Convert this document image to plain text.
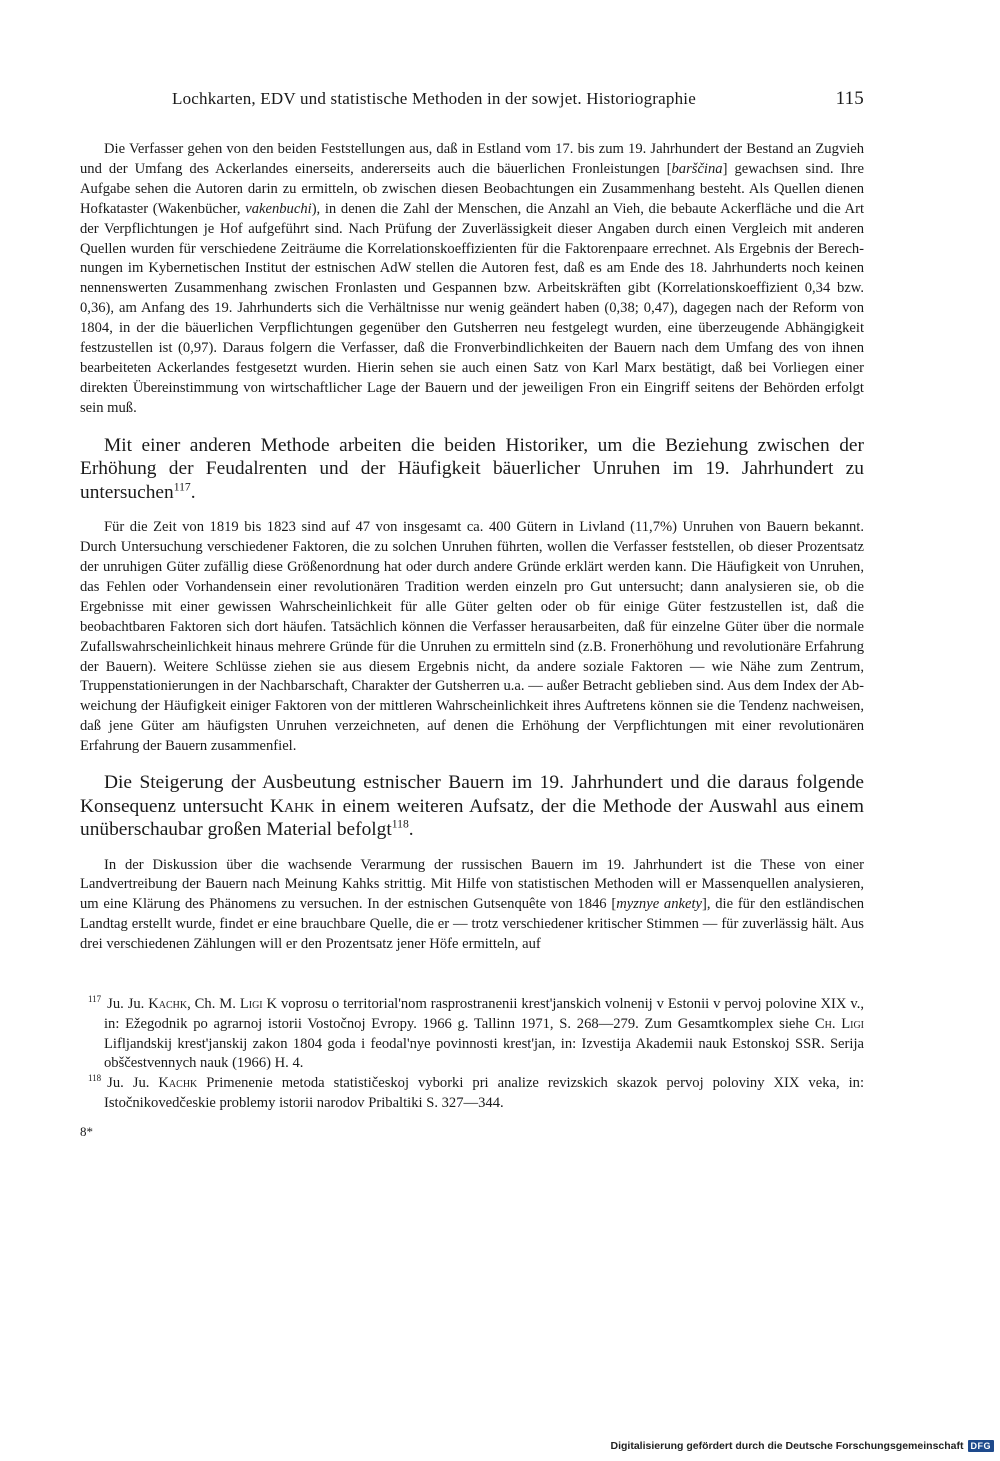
Lochkarten, EDV und statistische Methoden in der sowjet. Historiographie	115

Die Verfasser gehen von den beiden Feststellungen aus, daß in Estland vom 17. bis zum 19. Jahrhundert der Bestand an Zugvieh und der Umfang des Ackerlandes einerseits, andererseits auch die bäuerlichen Fronleistungen [barščina] gewachsen sind. Ihre Aufgabe sehen die Autoren darin zu ermitteln, ob zwischen diesen Beobachtungen ein Zusammenhang besteht. Als Quellen dienen Hofkataster (Wakenbücher, vakenbuchi), in denen die Zahl der Menschen, die Anzahl an Vieh, die bebaute Ackerfläche und die Art der Verpflichtungen je Hof aufgeführt sind. Nach Prüfung der Zuverlässigkeit dieser Angaben durch einen Vergleich mit anderen Quellen wurden für verschiedene Zeiträume die Korrelationskoeffizienten für die Faktorenpaare errechnet. Als Ergebnis der Berechnungen im Kybernetischen Institut der estnischen AdW stellen die Autoren fest, daß es am Ende des 18. Jahrhunderts noch keinen nennenswerten Zusammenhang zwischen Fronlasten und Gespannen bzw. Arbeitskräften gibt (Korrelationskoeffizient 0,34 bzw. 0,36), am Anfang des 19. Jahrhunderts sich die Verhältnisse nur wenig geändert haben (0,38; 0,47), dagegen nach der Reform von 1804, in der die bäuerlichen Verpflichtungen gegenüber den Gutsherren neu festgelegt wurden, eine überzeugende Abhängigkeit festzustellen ist (0,97). Daraus folgern die Verfasser, daß die Fronverbindlichkeiten der Bauern nach dem Umfang des von ihnen bearbeiteten Ackerlandes festgesetzt wurden. Hierin sehen sie auch einen Satz von Karl Marx bestätigt, daß bei Vorliegen einer direkten Übereinstimmung von wirtschaftlicher Lage der Bauern und der jeweiligen Fron ein Eingriff seitens der Behörden erfolgt sein muß.

Mit einer anderen Methode arbeiten die beiden Historiker, um die Beziehung zwischen der Erhöhung der Feudalrenten und der Häufigkeit bäuerlicher Unruhen im 19. Jahrhundert zu untersuchen$^{117}$.

Für die Zeit von 1819 bis 1823 sind auf 47 von insgesamt ca. 400 Gütern in Livland (11,7%) Unruhen von Bauern bekannt. Durch Untersuchung verschiedener Faktoren, die zu solchen Unruhen führten, wollen die Verfasser feststellen, ob dieser Prozentsatz der unruhigen Güter zufällig diese Größenordnung hat oder durch andere Gründe erklärt werden kann. Die Häufigkeit von Unruhen, das Fehlen oder Vorhandensein einer revolutionären Tradition werden einzeln pro Gut untersucht; dann analysieren sie, ob die Ergebnisse mit einer gewissen Wahrscheinlichkeit für alle Güter gelten oder ob für einige Güter festzustellen ist, daß die beobachtbaren Faktoren sich dort häufen. Tatsächlich können die Verfasser herausarbeiten, daß für einzelne Güter über die normale Zufallswahrscheinlichkeit hinaus mehrere Gründe für die Unruhen zu ermitteln sind (z.B. Fronerhöhung und revolutionäre Erfahrung der Bauern). Weitere Schlüsse ziehen sie aus diesem Ergebnis nicht, da andere soziale Faktoren — wie Nähe zum Zentrum, Truppenstationierungen in der Nachbarschaft, Charakter der Gutsherren u.a. — außer Betracht geblieben sind. Aus dem Index der Abweichung der Häufigkeit einiger Faktoren von der mittleren Wahrscheinlichkeit ihres Auftretens können sie die Tendenz nachweisen, daß jene Güter am häufigsten Unruhen verzeichneten, auf denen die Erhöhung der Verpflichtungen mit einer revolutionären Erfahrung der Bauern zusammenfiel.

Die Steigerung der Ausbeutung estnischer Bauern im 19. Jahrhundert und die daraus folgende Konsequenz untersucht Kahk in einem weiteren Aufsatz, der die Methode der Auswahl aus einem unüberschaubar großen Material befolgt$^{118}$.

In der Diskussion über die wachsende Verarmung der russischen Bauern im 19. Jahrhundert ist die These von einer Landvertreibung der Bauern nach Meinung Kahks strittig. Mit Hilfe von statistischen Methoden will er Massenquellen analysieren, um eine Klärung des Phänomens zu versuchen. In der estnischen Gutsenquête von 1846 [myznye ankety], die für den estländischen Landtag erstellt wurde, findet er eine brauchbare Quelle, die er — trotz verschiedener kritischer Stimmen — für zuverlässig hält. Aus drei verschiedenen Zählungen will er den Prozentsatz jener Höfe ermitteln, auf

$^{117}$ Ju. Ju. Kachk, Ch. M. Ligi K voprosu o territorial'nom rasprostranenii krest'janskich volnenij v Estonii v pervoj polovine XIX v., in: Ežegodnik po agrarnoj istorii Vostočnoj Evropy. 1966 g. Tallinn 1971, S. 268—279. Zum Gesamtkomplex siehe Ch. Ligi Lifljandskij krest'janskij zakon 1804 goda i feodal'nye povinnosti krest'jan, in: Izvestija Akademii nauk Estonskoj SSR. Serija obščestvennych nauk (1966) H. 4.

$^{118}$ Ju. Ju. Kachk Primenenie metoda statističeskoj vyborki pri analize revizskich skazok pervoj poloviny XIX veka, in: Istočnikovedčeskie problemy istorii narodov Pribaltiki S. 327—344.

8*
Digitalisierung gefördert durch die Deutsche Forschungsgemeinschaft DFG
